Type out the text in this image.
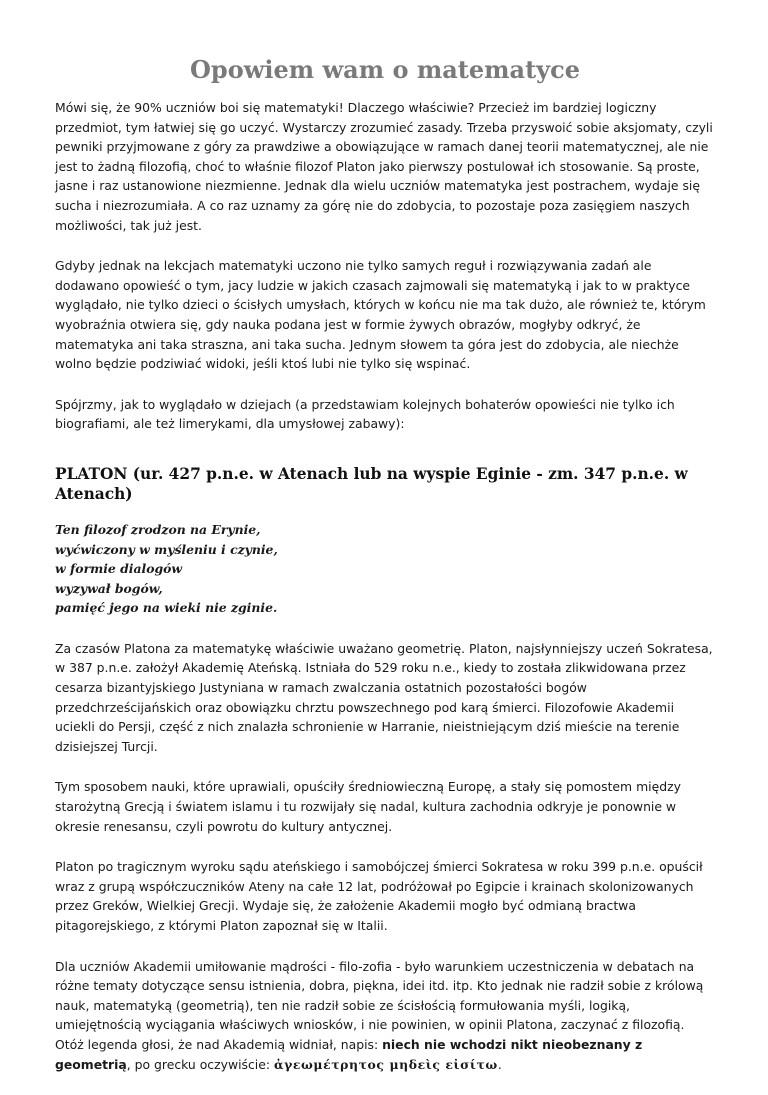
Opowiem wam o matematyce

Mówi się, że 90% uczniów boi się matematyki! Dlaczego właściwie? Przecież im bardziej logiczny przedmiot, tym łatwiej się go uczyć. Wystarczy zrozumieć zasady. Trzeba przyswoić sobie aksjomaty, czyli pewniki przyjmowane z góry za prawdziwe a obowiązujące w ramach danej teorii matematycznej, ale nie jest to żadną filozofią, choć to właśnie filozof Platon jako pierwszy postulował ich stosowanie. Są proste, jasne i raz ustanowione niezmienne. Jednak dla wielu uczniów matematyka jest postrachem, wydaje się sucha i niezrozumiała. A co raz uznamy za górę nie do zdobycia, to pozostaje poza zasięgiem naszych możliwości, tak już jest.

Gdyby jednak na lekcjach matematyki uczono nie tylko samych reguł i rozwiązywania zadań ale dodawano opowieść o tym, jacy ludzie w jakich czasach zajmowali się matematyką i jak to w praktyce wyglądało, nie tylko dzieci o ścisłych umysłach, których w końcu nie ma tak dużo, ale również te, którym wyobraźnia otwiera się, gdy nauka podana jest w formie żywych obrazów, mogłyby odkryć, że matematyka ani taka straszna, ani taka sucha. Jednym słowem ta góra jest do zdobycia, ale niechże wolno będzie podziwiać widoki, jeśli ktoś lubi nie tylko się wspinać.

Spójrzmy, jak to wyglądało w dziejach (a przedstawiam kolejnych bohaterów opowieści nie tylko ich biografiami, ale też limerykami, dla umysłowej zabawy):

PLATON (ur. 427 p.n.e. w Atenach lub na wyspie Eginie - zm. 347 p.n.e. w Atenach)
Ten filozof zrodzon na Erynie,
wyćwiczony w myśleniu i czynie,
w formie dialogów
wyzywał bogów,
pamięć jego na wieki nie zginie.

Za czasów Platona za matematykę właściwie uważano geometrię. Platon, najsłynniejszy uczeń Sokratesa, w 387 p.n.e. założył Akademię Ateńską. Istniała do 529 roku n.e., kiedy to została zlikwidowana przez cesarza bizantyjskiego Justyniana w ramach zwalczania ostatnich pozostałości bogów przedchrześcijańskich oraz obowiązku chrztu powszechnego pod karą śmierci. Filozofowie Akademii uciekli do Persji, część z nich znalazła schronienie w Harranie, nieistniejącym dziś mieście na terenie dzisiejszej Turcji.

Tym sposobem nauki, które uprawiali, opuściły średniowieczną Europę, a stały się pomostem między starożytną Grecją i światem islamu i tu rozwijały się nadal, kultura zachodnia odkryje je ponownie w okresie renesansu, czyli powrotu do kultury antycznej.

Platon po tragicznym wyroku sądu ateńskiego i samobójczej śmierci Sokratesa w roku 399 p.n.e. opuścił wraz z grupą współczuczników Ateny na całe 12 lat, podróżował po Egipcie i krainach skolonizowanych przez Greków, Wielkiej Grecji. Wydaje się, że założenie Akademii mogło być odmianą bractwa pitagorejskiego, z którymi Platon zapoznał się w Italii.

Dla uczniów Akademii umiłowanie mądrości - filo-zofia - było warunkiem uczestniczenia w debatach na różne tematy dotyczące sensu istnienia, dobra, piękna, idei itd. itp. Kto jednak nie radził sobie z królową nauk, matematyką (geometrią), ten nie radził sobie ze ścisłością formułowania myśli, logiką, umiejętnością wyciągania właściwych wniosków, i nie powinien, w opinii Platona, zaczynać z filozofią. Otóż legenda głosi, że nad Akademią widniał, napis: niech nie wchodzi nikt nieobeznany z geometrią, po grecku oczywiście: ἀγεωμέτρητος μηδεὶς εἰσίτω.
